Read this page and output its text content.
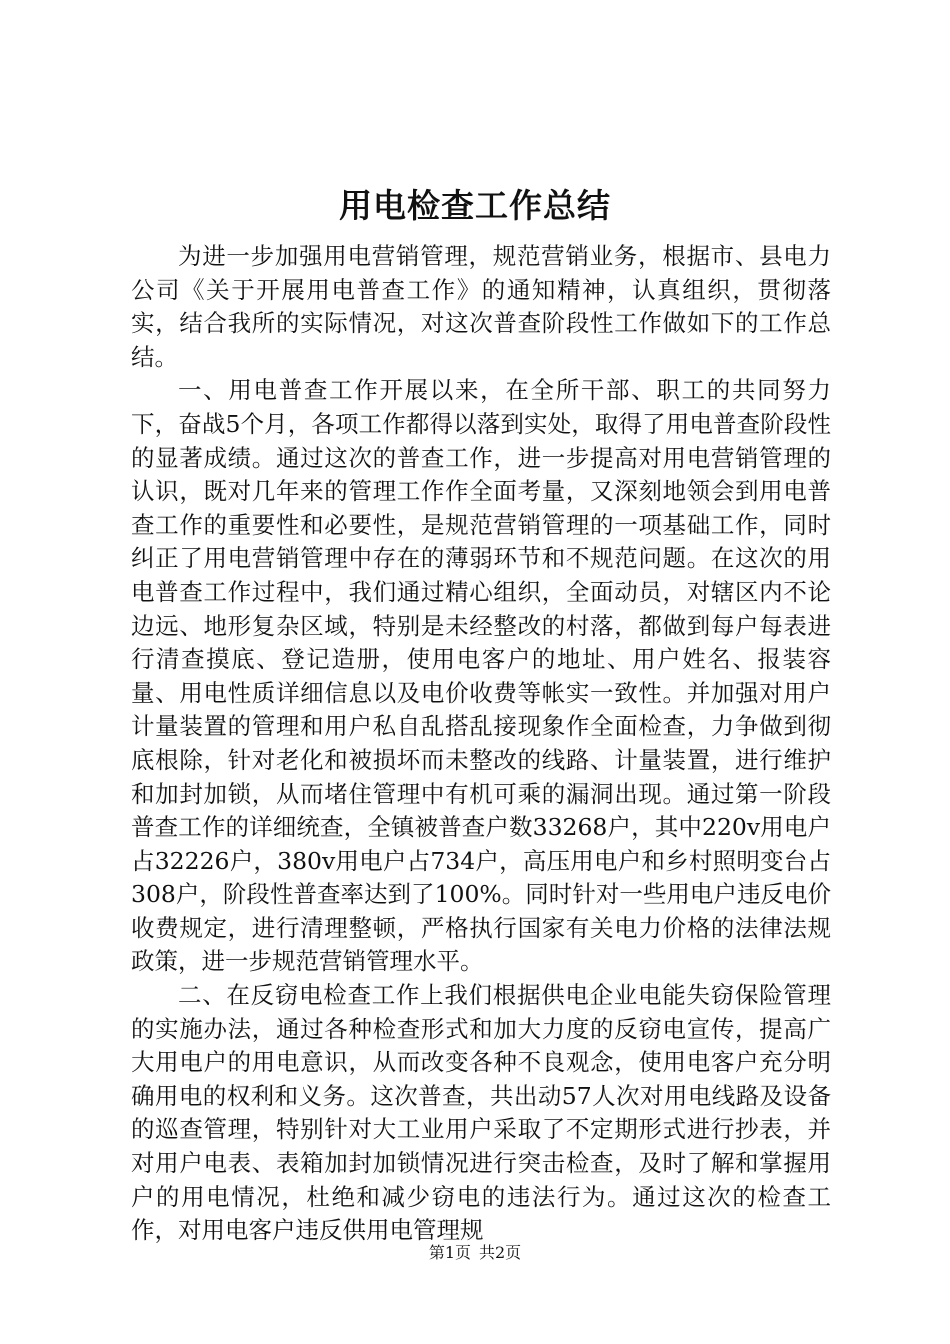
用电检查工作总结

为进一步加强用电营销管理，规范营销业务，根据市、县电力公司《关于开展用电普查工作》的通知精神，认真组织，贯彻落实，结合我所的实际情况，对这次普查阶段性工作做如下的工作总结。

一、用电普查工作开展以来，在全所干部、职工的共同努力下，奋战5个月，各项工作都得以落到实处，取得了用电普查阶段性的显著成绩。通过这次的普查工作，进一步提高对用电营销管理的认识，既对几年来的管理工作作全面考量，又深刻地领会到用电普查工作的重要性和必要性，是规范营销管理的一项基础工作，同时纠正了用电营销管理中存在的薄弱环节和不规范问题。在这次的用电普查工作过程中，我们通过精心组织，全面动员，对辖区内不论边远、地形复杂区域，特别是未经整改的村落，都做到每户每表进行清查摸底、登记造册，使用电客户的地址、用户姓名、报装容量、用电性质详细信息以及电价收费等帐实一致性。并加强对用户计量装置的管理和用户私自乱搭乱接现象作全面检查，力争做到彻底根除，针对老化和被损坏而未整改的线路、计量装置，进行维护和加封加锁，从而堵住管理中有机可乘的漏洞出现。通过第一阶段普查工作的详细统查，全镇被普查户数33268户，其中220v用电户占32226户，380v用电户占734户，高压用电户和乡村照明变台占308户，阶段性普查率达到了100%。同时针对一些用电户违反电价收费规定，进行清理整顿，严格执行国家有关电力价格的法律法规政策，进一步规范营销管理水平。

二、在反窃电检查工作上我们根据供电企业电能失窃保险管理的实施办法，通过各种检查形式和加大力度的反窃电宣传，提高广大用电户的用电意识，从而改变各种不良观念，使用电客户充分明确用电的权利和义务。这次普查，共出动57人次对用电线路及设备的巡查管理，特别针对大工业用户采取了不定期形式进行抄表，并对用户电表、表箱加封加锁情况进行突击检查，及时了解和掌握用户的用电情况，杜绝和减少窃电的违法行为。通过这次的检查工作，对用电客户违反供用电管理规

第1页 共2页
